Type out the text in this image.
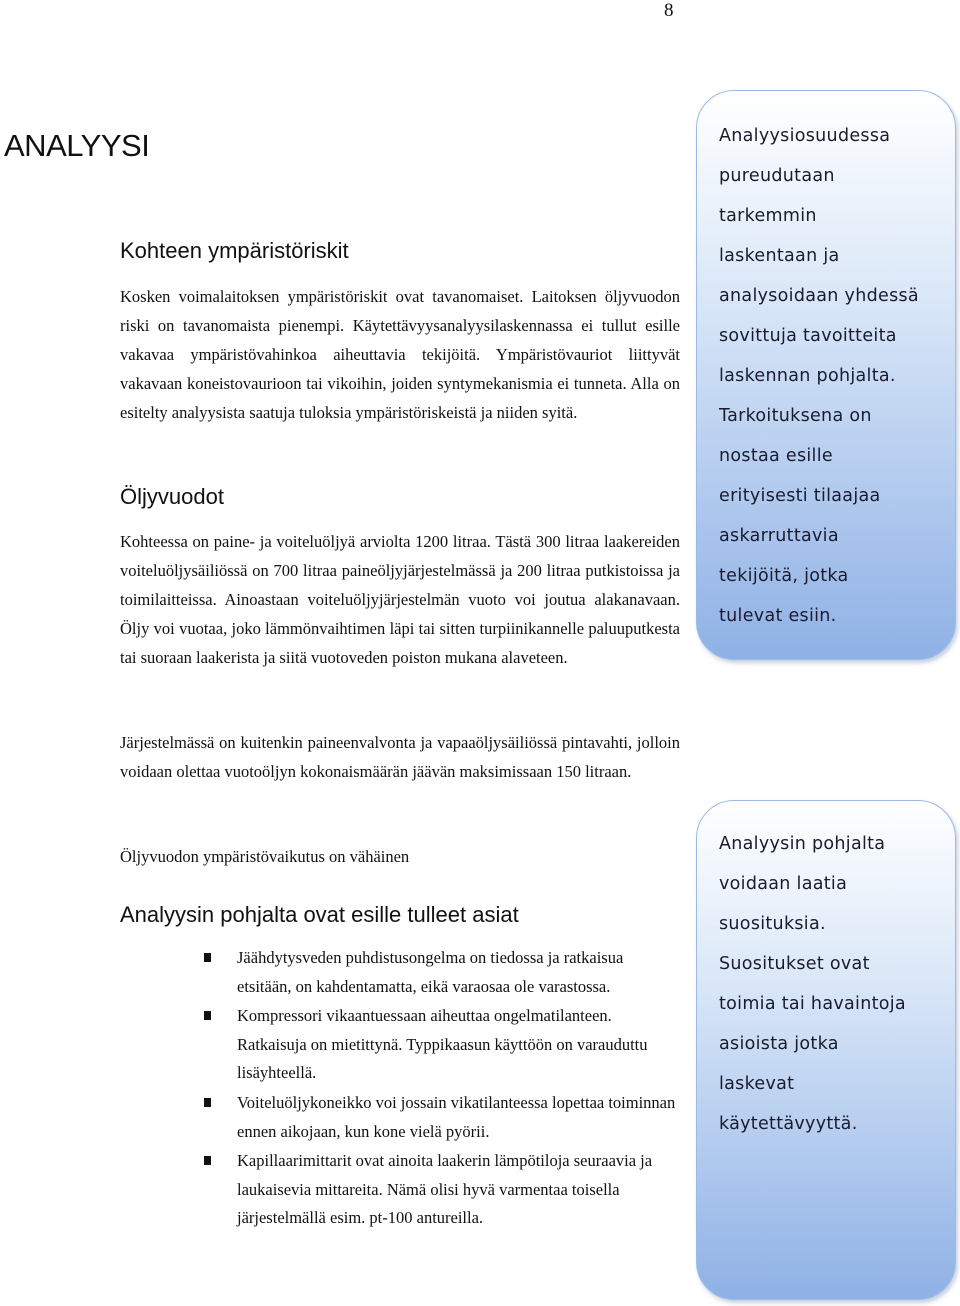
8
ANALYYSI
Kohteen ympäristöriskit

Kosken voimalaitoksen ympäristöriskit ovat tavanomaiset. Laitoksen öljyvuodon riski on tavanomaista pienempi. Käytettävyysanalyysilaskennassa ei tullut esille vakavaa ympäristövahinkoa aiheuttavia tekijöitä. Ympäristövauriot liittyvät vakavaan koneistovaurioon tai vikoihin, joiden syntymekanismia ei tunneta. Alla on esitelty analyysista saatuja tuloksia ympäristöriskeistä ja niiden syitä.

Öljyvuodot

Kohteessa on paine- ja voiteluöljyä arviolta 1200 litraa. Tästä 300 litraa laakereiden voiteluöljysäiliössä on 700 litraa paineöljyjärjestelmässä ja 200 litraa putkistoissa ja toimilaitteissa. Ainoastaan voiteluöljyjärjestelmän vuoto voi joutua alakanavaan. Öljy voi vuotaa, joko lämmönvaihtimen läpi tai sitten turpiinikannelle paluuputkesta tai suoraan laakerista ja siitä vuotoveden poiston mukana alaveteen.

Järjestelmässä on kuitenkin paineenvalvonta ja vapaaöljysäiliössä pintavahti, jolloin voidaan olettaa vuotoöljyn kokonaismäärän jäävän maksimissaan 150 litraan.

Öljyvuodon ympäristövaikutus on vähäinen

Analyysin pohjalta ovat esille tulleet asiat
Jäähdytysveden puhdistusongelma on tiedossa ja ratkaisua etsitään, on kahdentamatta, eikä varaosaa ole varastossa.
Kompressori vikaantuessaan aiheuttaa ongelmatilanteen. Ratkaisuja on mietittynä. Typpikaasun käyttöön on varauduttu lisäyhteellä.
Voiteluöljykoneikko voi jossain vikatilanteessa lopettaa toiminnan ennen aikojaan, kun kone vielä pyörii.
Kapillaarimittarit ovat ainoita laakerin lämpötiloja seuraavia ja laukaisevia mittareita. Nämä olisi hyvä varmentaa toisella järjestelmällä esim. pt-100 antureilla.

Analyysiosuudessa

pureudutaan

tarkemmin

laskentaan ja

analysoidaan yhdessä

sovittuja tavoitteita

laskennan pohjalta.

Tarkoituksena on

nostaa esille

erityisesti tilaajaa

askarruttavia

tekijöitä, jotka

tulevat esiin.

Analyysin pohjalta

voidaan laatia

suosituksia.

Suositukset ovat

toimia tai havaintoja

asioista jotka

laskevat

käytettävyyttä.
